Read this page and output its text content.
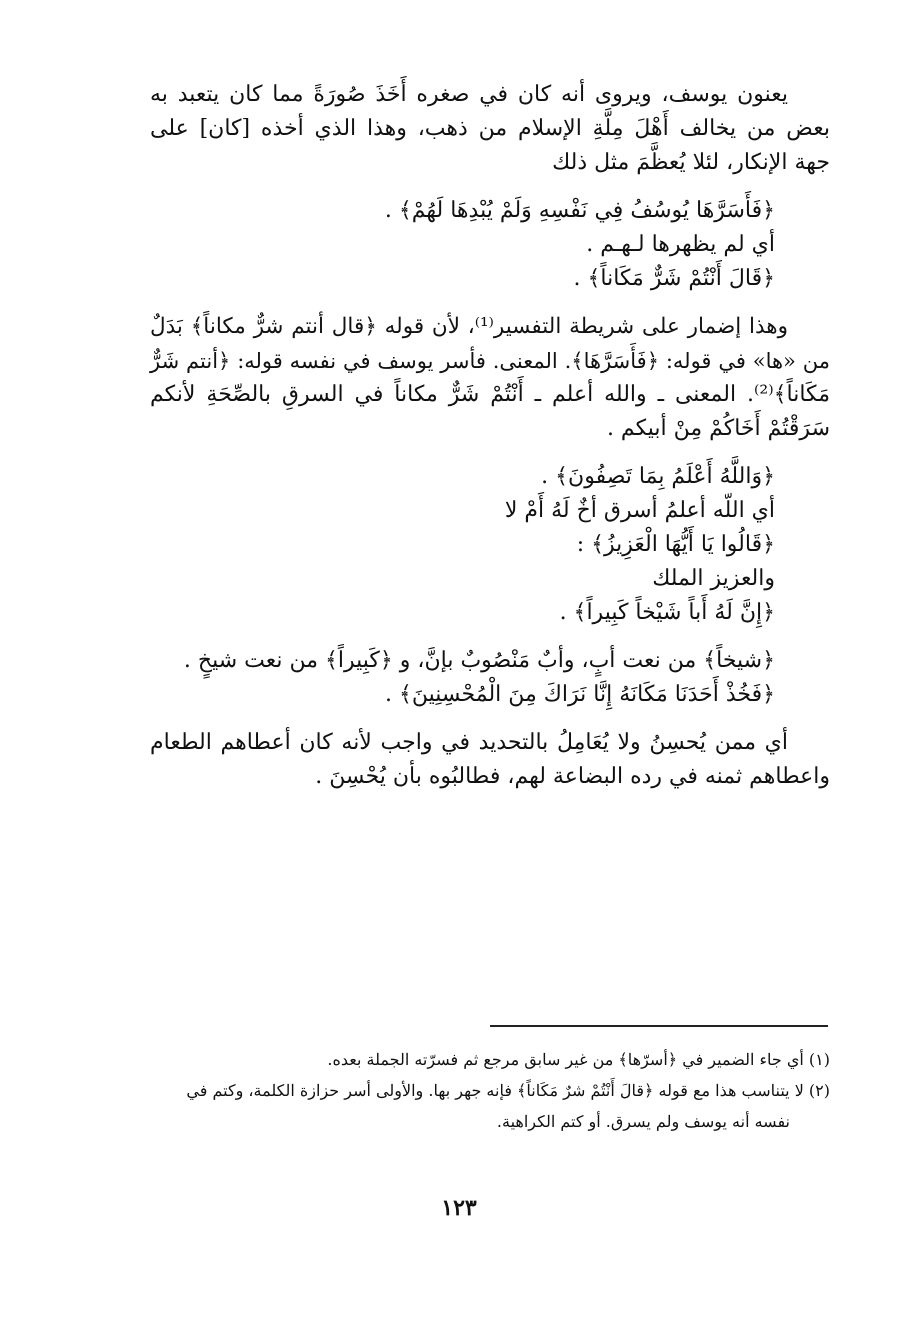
يعنون يوسف، ويروى أنه كان في صغره أَخَذَ صُورَةً مما كان يتعبد به

بعض من يخالف أَهْلَ مِلَّةِ الإسلام من ذهب، وهذا الذي أخذه [كان] على

جهة الإنكار، لئلا يُعظَّمَ مثل ذلك

﴿فَأَسَرَّهَا يُوسُفُ فِي نَفْسِهِ وَلَمْ يُبْدِهَا لَهُمْ﴾ .

أي لم يظهرها لـهـم .

﴿قَالَ أَنْتُمْ شَرٌّ مَكَاناً﴾ .

وهذا إضمار على شريطة التفسير⁽¹⁾، لأن قوله ﴿قال أنتم شرٌّ مكاناً﴾ بَدَلٌ

من «ها» في قوله: ﴿فَأَسَرَّهَا﴾. المعنى. فأسر يوسف في نفسه قوله: ﴿أنتم شَرٌّ

مَكَاناً﴾⁽²⁾. المعنى ـ والله أعلم ـ أَنْتُمْ شَرٌّ مكاناً في السرقِ بالصِّحَةِ لأنكم

سَرَقْتُمْ أَخَاكُمْ مِنْ أبيكم .

﴿وَاللَّهُ أَعْلَمُ بِمَا تَصِفُونَ﴾ .

أي اللّه أعلمُ أسرق أخٌ لَهُ أَمْ لا

﴿قَالُوا يَا أَيُّهَا الْعَزِيزُ﴾ :

والعزيز الملك

﴿إِنَّ لَهُ أَباً شَيْخاً كَبِيراً﴾ .

﴿شيخاً﴾ من نعت أبٍ، وأبٌ مَنْصُوبٌ بإنَّ، و ﴿كَبِيراً﴾ من نعت شيخٍ .

﴿فَخُذْ أَحَدَنَا مَكَانَهُ إِنَّا نَرَاكَ مِنَ الْمُحْسِنِينَ﴾ .

أي ممن يُحسِنُ ولا يُعَامِلُ بالتحديد في واجب لأنه كان أعطاهم الطعام

واعطاهم ثمنه في رده البضاعة لهم، فطالبُوه بأن يُحْسِنَ .

(١) أي جاء الضمير في ﴿أسرّها﴾ من غير سابق مرجع ثم فسرّته الجملة بعده.

(٢) لا يتناسب هذا مع قوله ﴿قالَ أَنْتُمْ شرٌ مَكَاناً﴾ فإنه جهر بها. والأولى أسر حزازة الكلمة، وكتم في

نفسه أنه يوسف ولم يسرق. أو كتم الكراهية.

١٢٣
